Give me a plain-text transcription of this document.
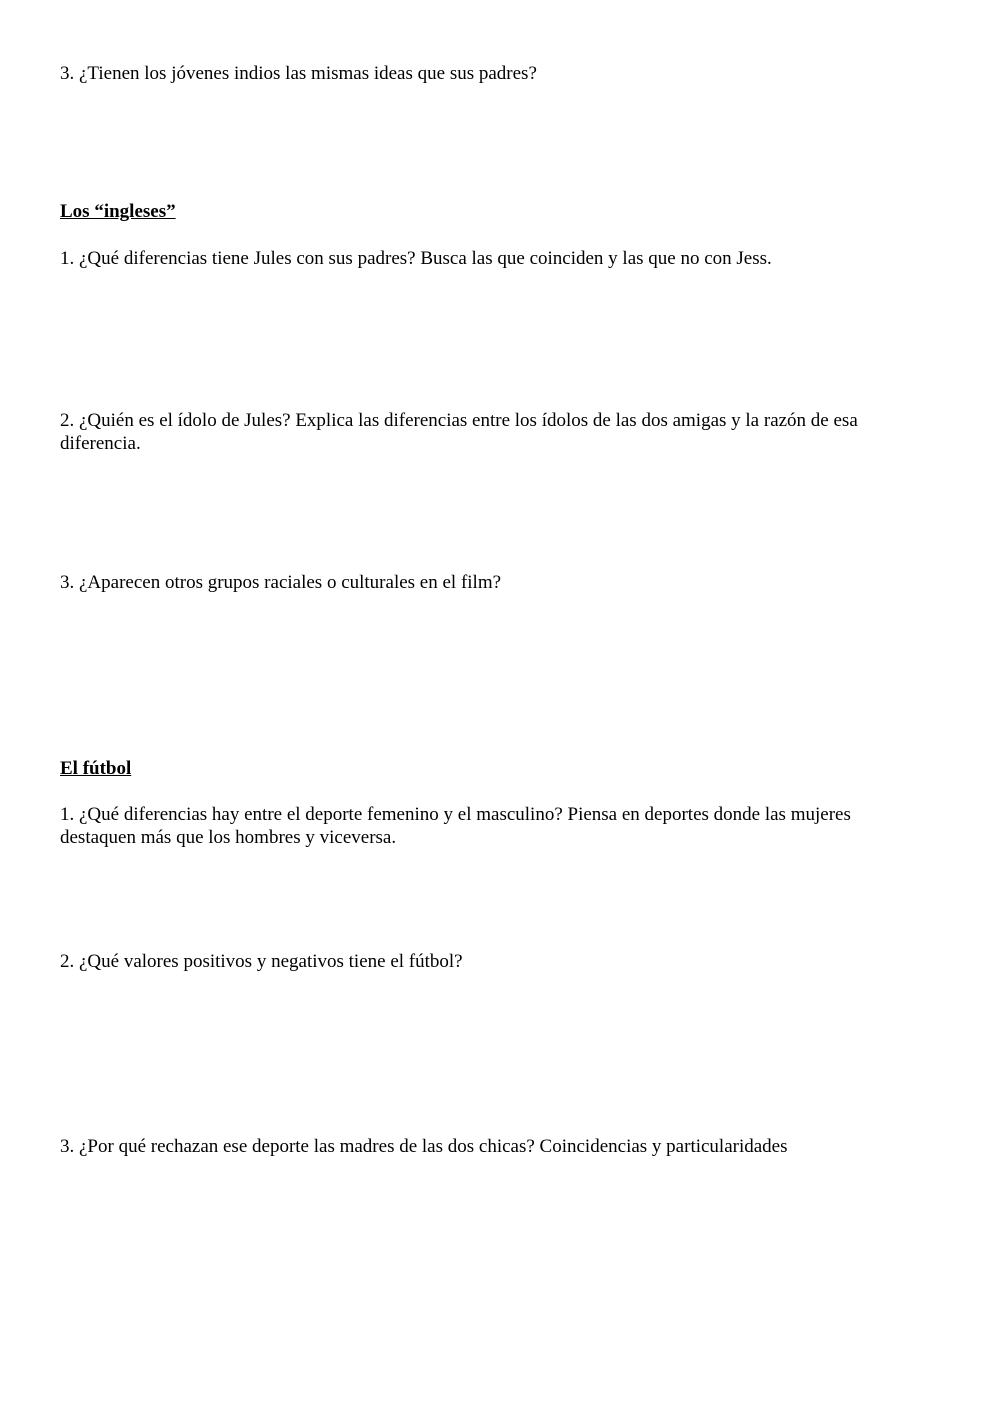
3. ¿Tienen los jóvenes indios las mismas ideas que sus padres?

Los “ingleses”

1. ¿Qué diferencias tiene Jules con sus padres? Busca las que coinciden y las que no con Jess.

2. ¿Quién es el ídolo de Jules? Explica las diferencias entre los ídolos de las dos amigas y la razón de esa diferencia.

3. ¿Aparecen otros grupos raciales o culturales en el film?

El fútbol

1. ¿Qué diferencias hay entre el deporte femenino y el masculino? Piensa en deportes donde las mujeres destaquen más que los hombres y viceversa.

2. ¿Qué valores positivos y negativos tiene el fútbol?

3. ¿Por qué rechazan ese deporte las madres de las dos chicas? Coincidencias y particularidades
